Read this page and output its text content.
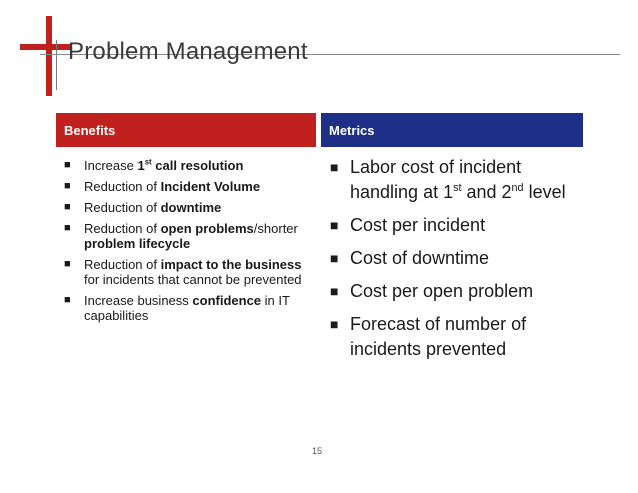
Problem Management
Benefits	Metrics
■ Increase 1st call resolution
■ Reduction of Incident Volume
■ Reduction of downtime
■ Reduction of open problems/shorter problem lifecycle
■ Reduction of impact to the business for incidents that cannot be prevented
■ Increase business confidence in IT capabilities
■ Labor cost of incident handling at 1st and 2nd level
■ Cost per incident
■ Cost of downtime
■ Cost per open problem
■ Forecast of number of incidents prevented
15
